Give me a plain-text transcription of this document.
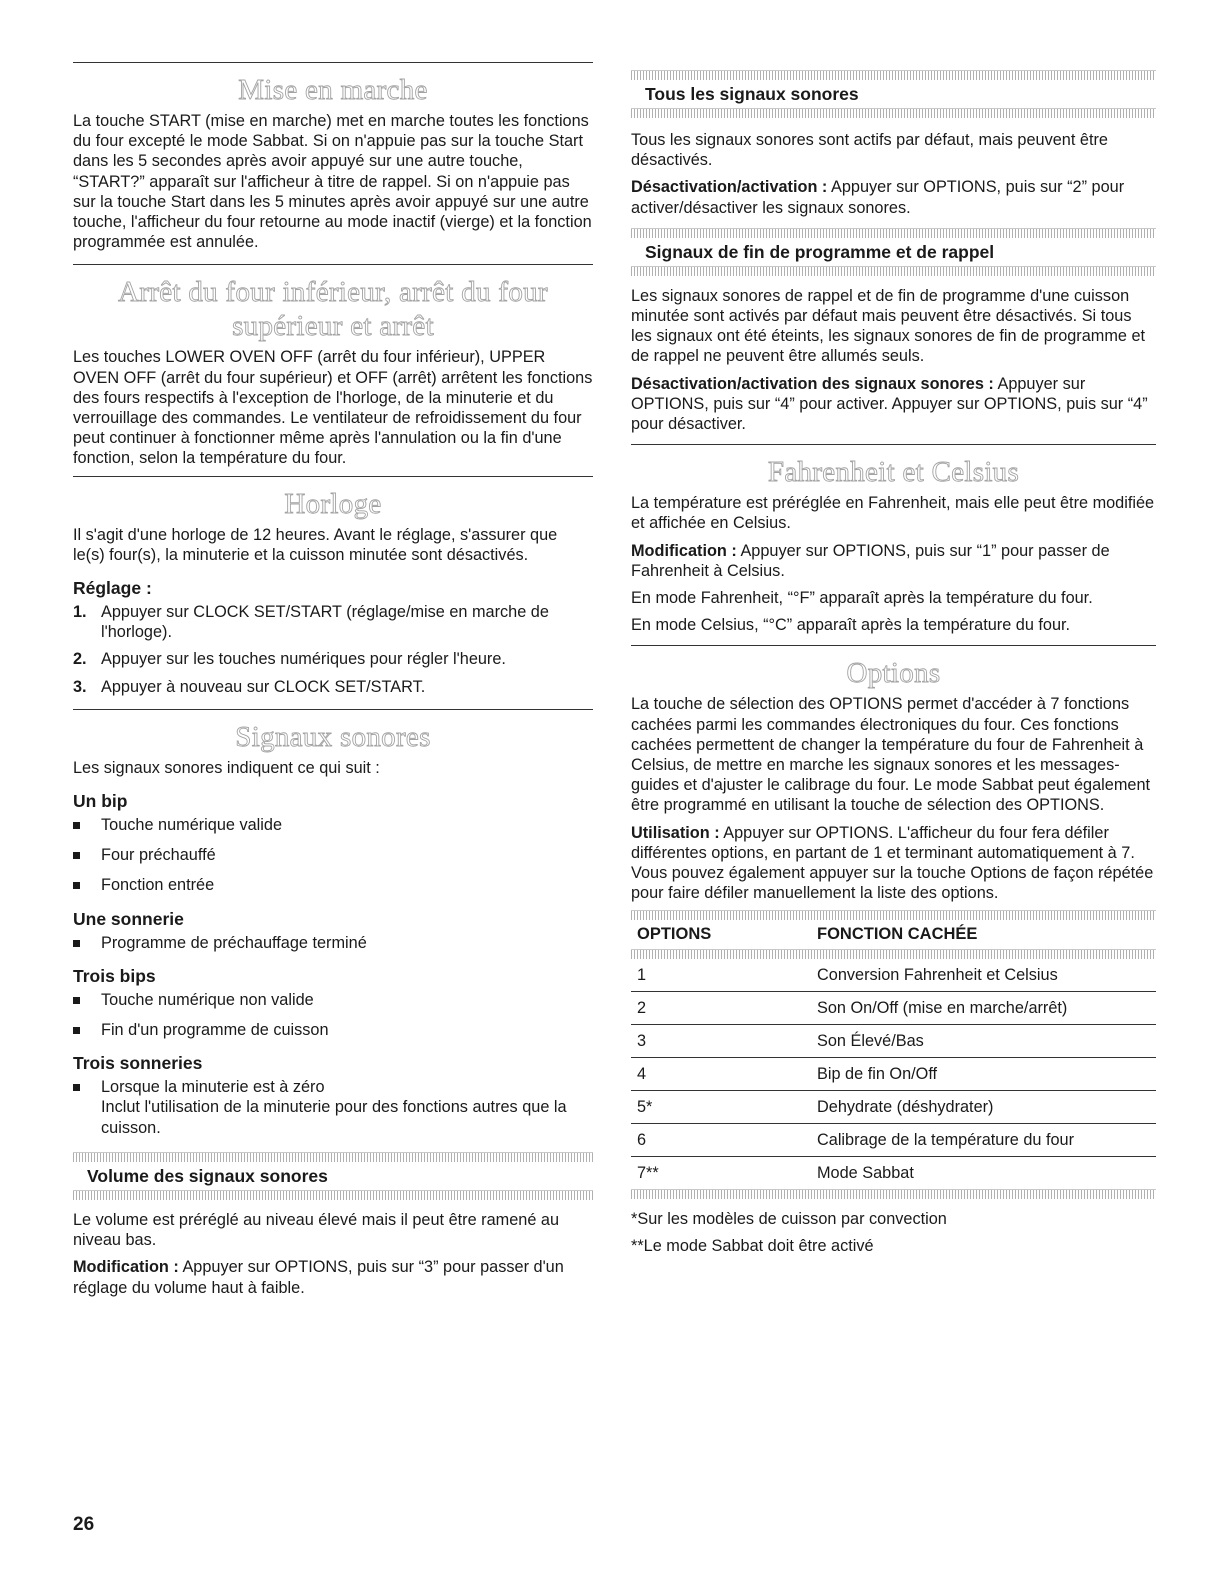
Mise en marche

La touche START (mise en marche) met en marche toutes les fonctions du four excepté le mode Sabbat. Si on n'appuie pas sur la touche Start dans les 5 secondes après avoir appuyé sur une autre touche, “START?” apparaît sur l'afficheur à titre de rappel. Si on n'appuie pas sur la touche Start dans les 5 minutes après avoir appuyé sur une autre touche, l'afficheur du four retourne au mode inactif (vierge) et la fonction programmée est annulée.

Arrêt du four inférieur, arrêt du four supérieur et arrêt

Les touches LOWER OVEN OFF (arrêt du four inférieur), UPPER OVEN OFF (arrêt du four supérieur) et OFF (arrêt) arrêtent les fonctions des fours respectifs à l'exception de l'horloge, de la minuterie et du verrouillage des commandes. Le ventilateur de refroidissement du four peut continuer à fonctionner même après l'annulation ou la fin d'une fonction, selon la température du four.

Horloge

Il s'agit d'une horloge de 12 heures. Avant le réglage, s'assurer que le(s) four(s), la minuterie et la cuisson minutée sont désactivés.

Réglage :
1. Appuyer sur CLOCK SET/START (réglage/mise en marche de l'horloge).
2. Appuyer sur les touches numériques pour régler l'heure.
3. Appuyer à nouveau sur CLOCK SET/START.
Signaux sonores

Les signaux sonores indiquent ce qui suit :

Un bip
Touche numérique valide
Four préchauffé
Fonction entrée
Une sonnerie
Programme de préchauffage terminé
Trois bips
Touche numérique non valide
Fin d'un programme de cuisson
Trois sonneries
Lorsque la minuterie est à zéro
Inclut l'utilisation de la minuterie pour des fonctions autres que la cuisson.
Volume des signaux sonores

Le volume est préréglé au niveau élevé mais il peut être ramené au niveau bas.

Modification : Appuyer sur OPTIONS, puis sur “3” pour passer d'un réglage du volume haut à faible.

Tous les signaux sonores

Tous les signaux sonores sont actifs par défaut, mais peuvent être désactivés.

Désactivation/activation : Appuyer sur OPTIONS, puis sur “2” pour activer/désactiver les signaux sonores.

Signaux de fin de programme et de rappel

Les signaux sonores de rappel et de fin de programme d'une cuisson minutée sont activés par défaut mais peuvent être désactivés. Si tous les signaux ont été éteints, les signaux sonores de fin de programme et de rappel ne peuvent être allumés seuls.

Désactivation/activation des signaux sonores : Appuyer sur OPTIONS, puis sur “4” pour activer. Appuyer sur OPTIONS, puis sur “4” pour désactiver.

Fahrenheit et Celsius

La température est préréglée en Fahrenheit, mais elle peut être modifiée et affichée en Celsius.

Modification : Appuyer sur OPTIONS, puis sur “1” pour passer de Fahrenheit à Celsius.

En mode Fahrenheit, “°F” apparaît après la température du four.

En mode Celsius, “°C” apparaît après la température du four.

Options

La touche de sélection des OPTIONS permet d'accéder à 7 fonctions cachées parmi les commandes électroniques du four. Ces fonctions cachées permettent de changer la température du four de Fahrenheit à Celsius, de mettre en marche les signaux sonores et les messages-guides et d'ajuster le calibrage du four. Le mode Sabbat peut également être programmé en utilisant la touche de sélection des OPTIONS.

Utilisation : Appuyer sur OPTIONS. L'afficheur du four fera défiler différentes options, en partant de 1 et terminant automatiquement à 7. Vous pouvez également appuyer sur la touche Options de façon répétée pour faire défiler manuellement la liste des options.

OPTIONS	FONCTION CACHÉE

1	Conversion Fahrenheit et Celsius
2	Son On/Off (mise en marche/arrêt)
3	Son Élevé/Bas
4	Bip de fin On/Off
5*	Dehydrate (déshydrater)
6	Calibrage de la température du four
7**	Mode Sabbat

*Sur les modèles de cuisson par convection

**Le mode Sabbat doit être activé

26
